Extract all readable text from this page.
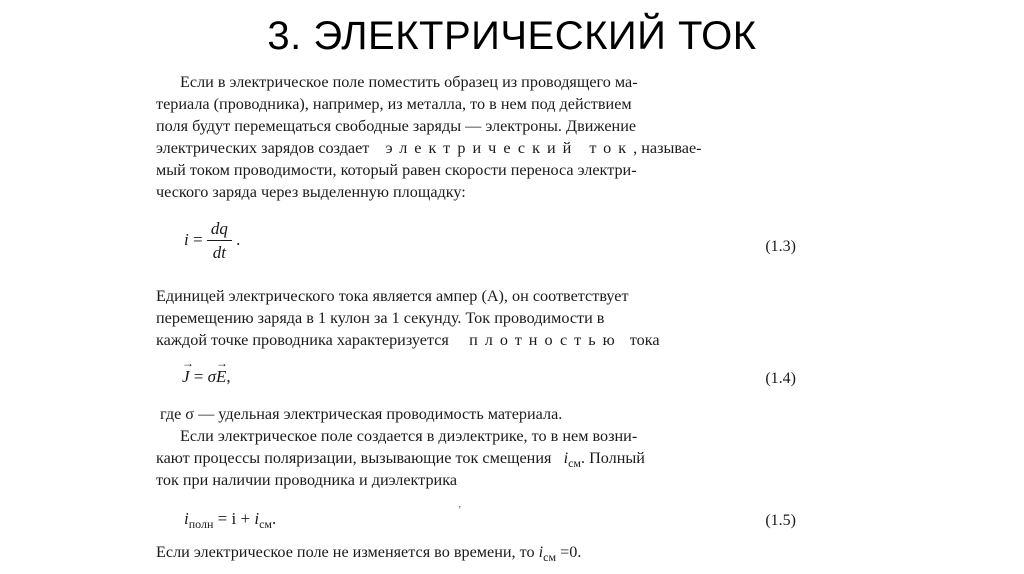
3. ЭЛЕКТРИЧЕСКИЙ ТОК
Если в электрическое поле поместить образец из проводящего ма-
териала (проводника), например, из металла, то в нем под действием
поля будут перемещаться свободные заряды — электроны. Движение
электрических зарядов создает электрический ток, называе-
мый током проводимости, который равен скорости переноса электри-
ческого заряда через выделенную площадку:
$i = \frac{dq}{dt}$ .	(1.3)
Единицей электрического тока является ампер (А), он соответствует
перемещению заряда в 1 кулон за 1 секунду. Ток проводимости в
каждой точке проводника характеризуется плотностью тока
→ J = σ→ E,	(1.4)
где σ — удельная электрическая проводимость материала.
Если электрическое поле создается в диэлектрике, то в нем возни-
кают процессы поляризации, вызывающие ток смещения $i_{см}$. Полный
ток при наличии проводника и диэлектрика
ʼ
$i_{полн} = i + i_{см}$.	(1.5)
Если электрическое поле не изменяется во времени, то $i_{см} =0$.
